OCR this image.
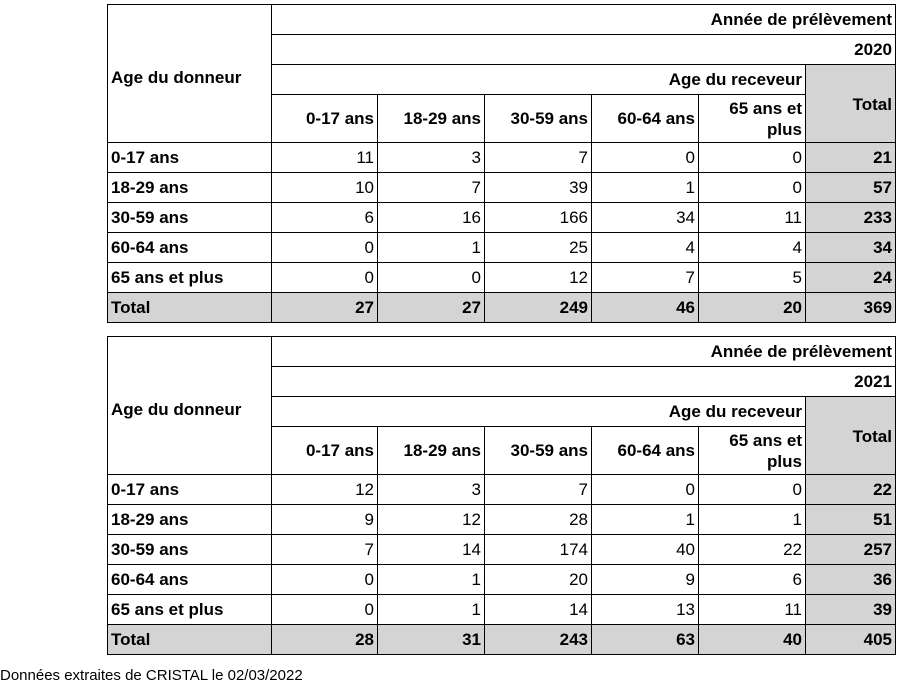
Age du donneur	Année de prélèvement					
	2020					
	Age du receveur					Total
	0-17 ans	18-29 ans	30-59 ans	60-64 ans	65 ans et plus	
0-17 ans	11	3	7	0	0	21
18-29 ans	10	7	39	1	0	57
30-59 ans	6	16	166	34	11	233
60-64 ans	0	1	25	4	4	34
65 ans et plus	0	0	12	7	5	24
Total	27	27	249	46	20	369
Age du donneur	Année de prélèvement					
	2021					
	Age du receveur					Total
	0-17 ans	18-29 ans	30-59 ans	60-64 ans	65 ans et plus	
0-17 ans	12	3	7	0	0	22
18-29 ans	9	12	28	1	1	51
30-59 ans	7	14	174	40	22	257
60-64 ans	0	1	20	9	6	36
65 ans et plus	0	1	14	13	11	39
Total	28	31	243	63	40	405
Données extraites de CRISTAL le 02/03/2022
